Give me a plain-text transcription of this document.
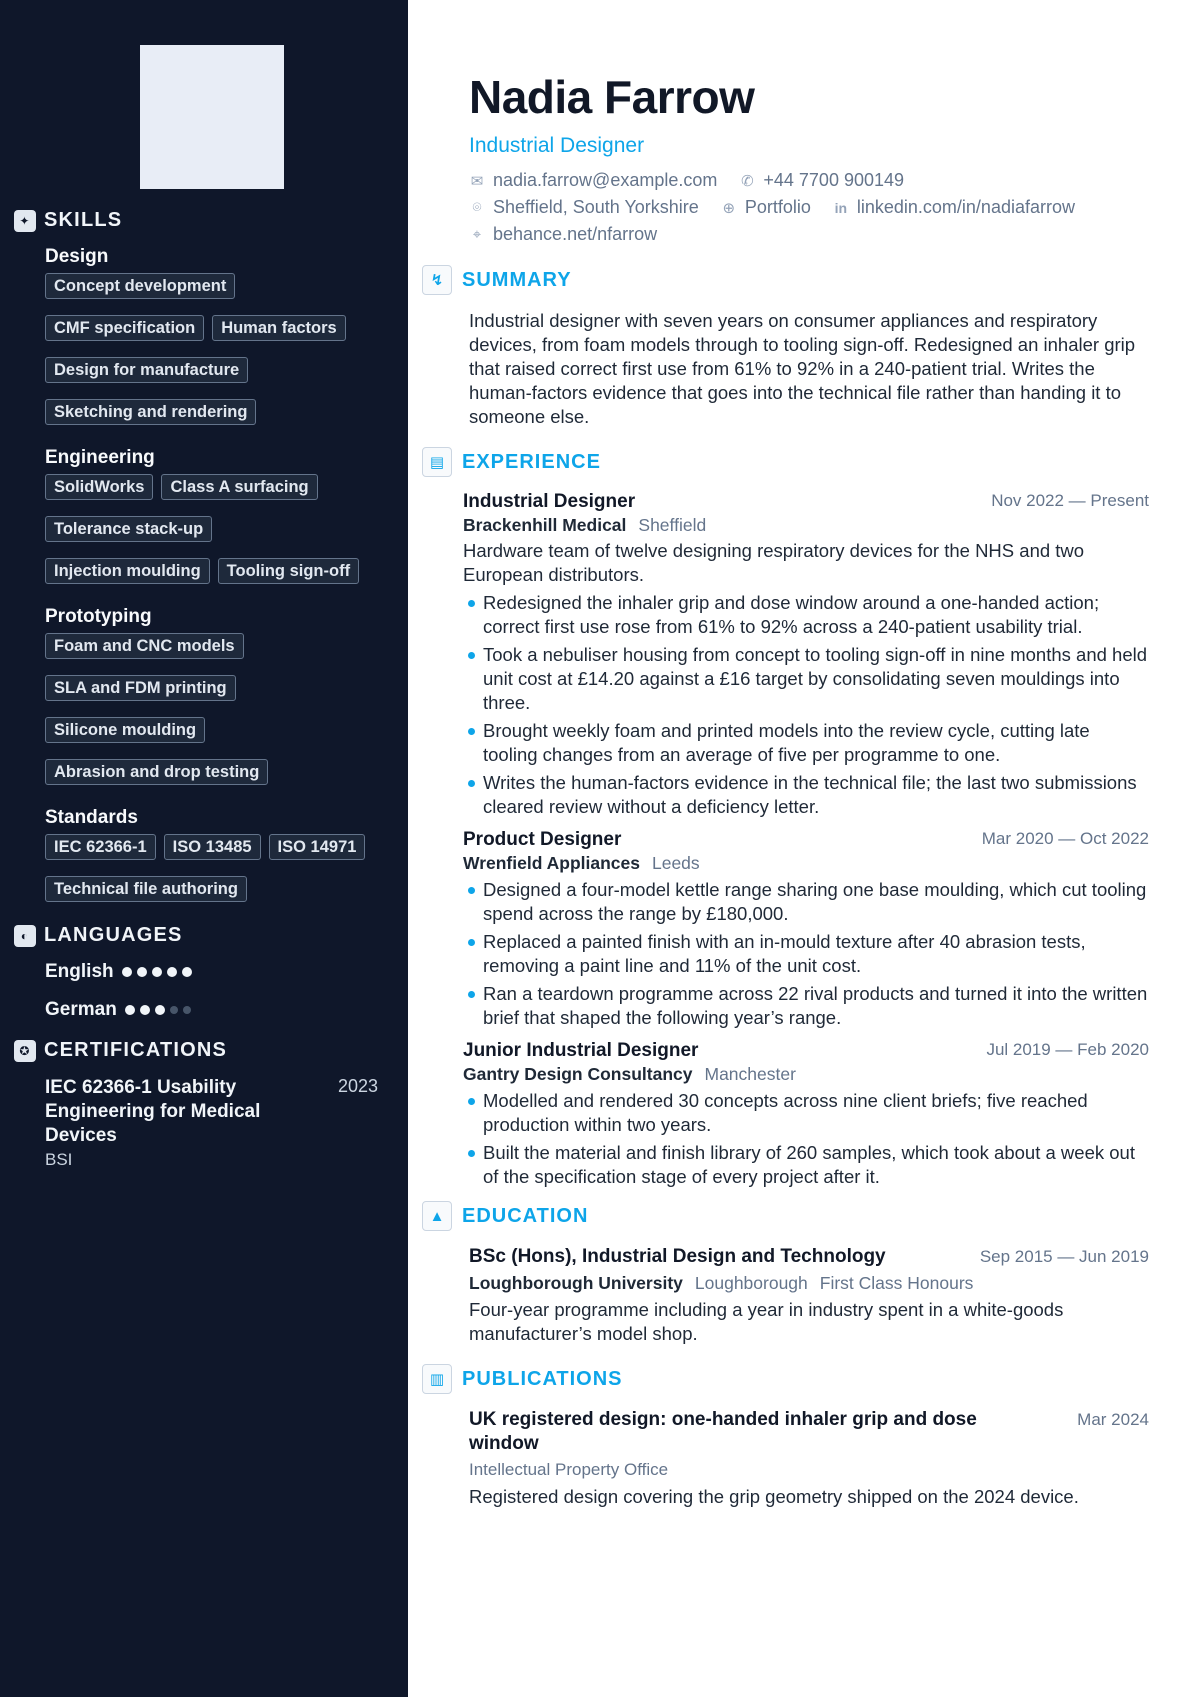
✦ SKILLS
Design
Concept development
CMF specification	Human factors
Design for manufacture
Sketching and rendering
Engineering
SolidWorks	Class A surfacing
Tolerance stack-up
Injection moulding	Tooling sign-off
Prototyping
Foam and CNC models
SLA and FDM printing
Silicone moulding
Abrasion and drop testing
Standards
IEC 62366-1	ISO 13485	ISO 14971
Technical file authoring
◐ LANGUAGES
English
German
✪ CERTIFICATIONS
IEC 62366-1 Usability Engineering for Medical Devices
2023
BSI
Nadia Farrow
Industrial Designer
✉ nadia.farrow@example.com ✆ +44 7700 900149
⌾ Sheffield, South Yorkshire ⊕ Portfolio in linkedin.com/in/nadiafarrow
⌖ behance.net/nfarrow
↯ SUMMARY
Industrial designer with seven years on consumer appliances and respiratory devices, from foam models through to tooling sign-off. Redesigned an inhaler grip that raised correct first use from 61% to 92% in a 240-patient trial. Writes the human-factors evidence that goes into the technical file rather than handing it to someone else.
▤ EXPERIENCE
Industrial Designer	Nov 2022 — Present
Brackenhill Medical Sheffield
Hardware team of twelve designing respiratory devices for the NHS and two European distributors.
Redesigned the inhaler grip and dose window around a one-handed action; correct first use rose from 61% to 92% across a 240-patient usability trial.
Took a nebuliser housing from concept to tooling sign-off in nine months and held unit cost at £14.20 against a £16 target by consolidating seven mouldings into three.
Brought weekly foam and printed models into the review cycle, cutting late tooling changes from an average of five per programme to one.
Writes the human-factors evidence in the technical file; the last two submissions cleared review without a deficiency letter.
Product Designer	Mar 2020 — Oct 2022
Wrenfield Appliances Leeds
Designed a four-model kettle range sharing one base moulding, which cut tooling spend across the range by £180,000.
Replaced a painted finish with an in-mould texture after 40 abrasion tests, removing a paint line and 11% of the unit cost.
Ran a teardown programme across 22 rival products and turned it into the written brief that shaped the following year’s range.
Junior Industrial Designer	Jul 2019 — Feb 2020
Gantry Design Consultancy Manchester
Modelled and rendered 30 concepts across nine client briefs; five reached production within two years.
Built the material and finish library of 260 samples, which took about a week out of the specification stage of every project after it.
▲ EDUCATION
BSc (Hons), Industrial Design and Technology	Sep 2015 — Jun 2019
Loughborough University Loughborough First Class Honours
Four-year programme including a year in industry spent in a white-goods manufacturer’s model shop.
▥ PUBLICATIONS
UK registered design: one-handed inhaler grip and dose window
Mar 2024
Intellectual Property Office
Registered design covering the grip geometry shipped on the 2024 device.
